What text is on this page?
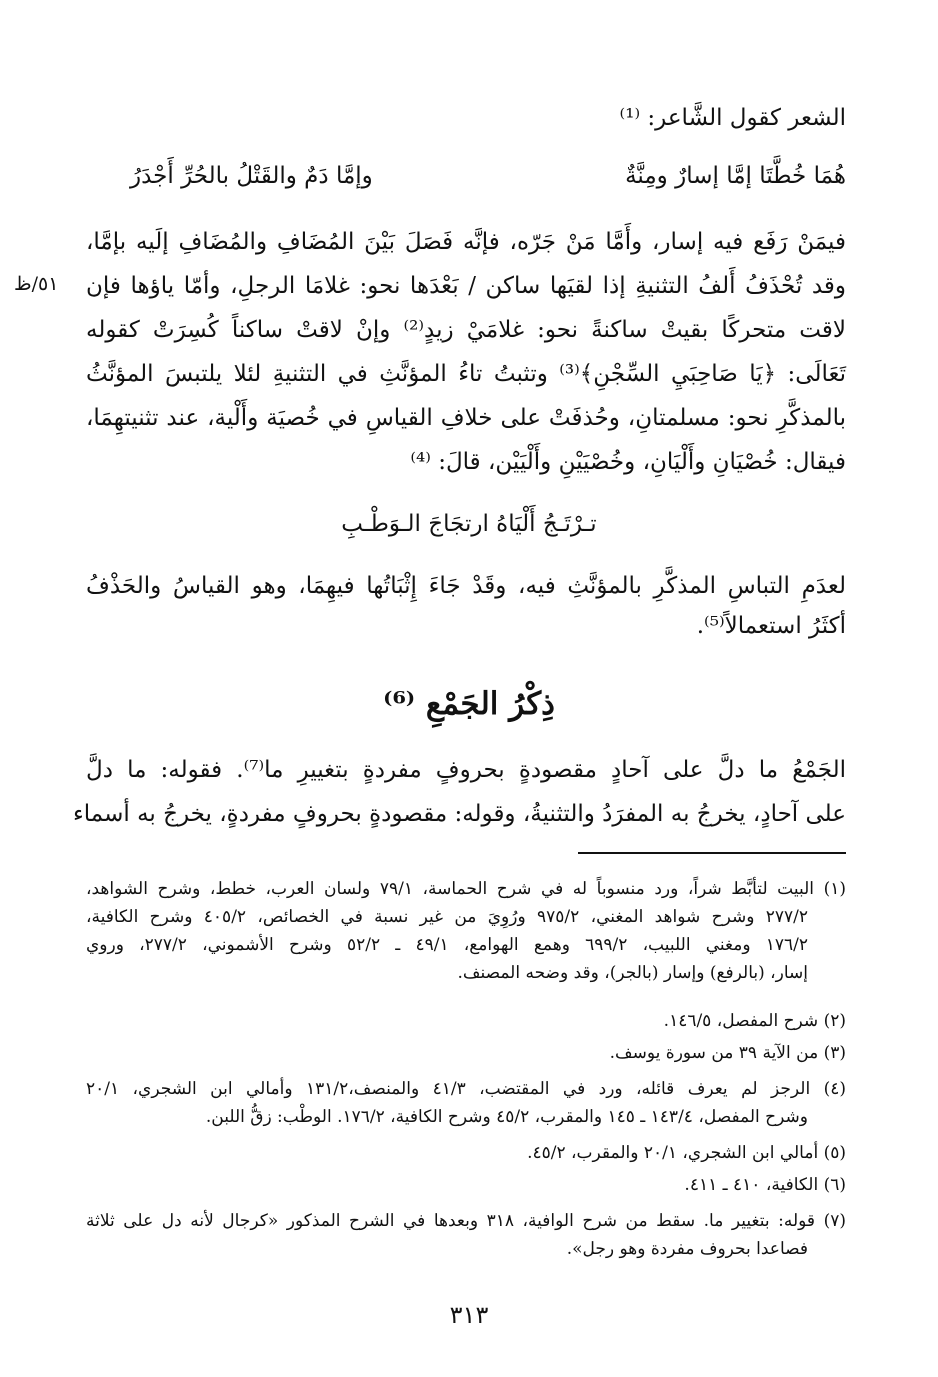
الشعر كقول الشَّاعر: ⁽¹⁾
هُمَا خُطَّتَا إمَّا إسارٌ ومِنَّةٌ
وإمَّا دَمٌ والقَتْلُ بالحُرِّ أَجْدَرُ
فيمَنْ رَفَع فيه إسار، وأَمَّا مَنْ جَرّه، فإنَّه فَصَلَ بَيْنَ المُضَافِ والمُضَافِ إلَيه بإمَّا،
وقد تُحْذَفُ أَلفُ التثنيةِ إذا لقيَها ساكن / بَعْدَها نحو: غلامَا الرجلِ، وأمّا ياؤها فإن
لاقت متحركًا بقيتْ ساكنةً نحو: غلامَيْ زيدٍ⁽²⁾ وإنْ لاقتْ ساكناً كُسِرَتْ كقوله
تَعَالَى: ﴿يَا صَاحِبَيِ السِّجْنِ﴾⁽³⁾ وتثبتُ تاءُ المؤنَّثِ في التثنيةِ لئلا يلتبسَ المؤنَّثُ
بالمذكَّرِ نحو: مسلمتانِ، وحُذفَتْ على خلافِ القياسِ في خُصيَة وأَلْية، عند تثنيتهِمَا،
فيقال: خُصْيَانِ وأَلْيَانِ، وخُصْيَيْنِ وأَلْيَيْن، قالَ: ⁽⁴⁾
٥١/ظ
تـرْتَـجُ أَلْيَاهُ ارتجَاجَ الـوَطْـبِ
لعدَمِ التباسِ المذكَّرِ بالمؤنَّثِ فيه، وقَدْ جَاءَ إِثْبَاتُها فيهِمَا، وهو القياسُ والحَذْفُ
أكثَرُ استعمالاً⁽⁵⁾.
ذِكْرُ الجَمْعِ ⁽⁶⁾
الجَمْعُ ما دلَّ على آحادٍ مقصودةٍ بحروفٍ مفردةٍ بتغييرِ ما⁽⁷⁾. فقوله: ما دلَّ
على آحادٍ، يخرجُ به المفرَدُ والتثنيةُ، وقوله: مقصودةٍ بحروفٍ مفردةٍ، يخرجُ به أسماء
(١) البيت لتأبَّط شراً، ورد منسوباً له في شرح الحماسة، ٧٩/١ ولسان العرب، خطط، وشرح الشواهد،
٢٧٧/٢ وشرح شواهد المغني، ٩٧٥/٢ ورُوِيَ من غير نسبة في الخصائص، ٤٠٥/٢ وشرح الكافية،
١٧٦/٢ ومغني اللبيب، ٦٩٩/٢ وهمع الهوامع، ٤٩/١ ـ ٥٢/٢ وشرح الأشموني، ٢٧٧/٢، وروي
إسار، (بالرفع) وإسار (بالجر)، وقد وضحه المصنف.
(٢) شرح المفصل، ١٤٦/٥.
(٣) من الآية ٣٩ من سورة يوسف.
(٤) الرجز لم يعرف قائله، ورد في المقتضب، ٤١/٣ والمنصف،١٣١/٢ وأمالي ابن الشجري، ٢٠/١
وشرح المفصل، ١٤٣/٤ ـ ١٤٥ والمقرب، ٤٥/٢ وشرح الكافية، ١٧٦/٢. الوطْب: زقُّ اللبن.
(٥) أمالي ابن الشجري، ٢٠/١ والمقرب، ٤٥/٢.
(٦) الكافية، ٤١٠ ـ ٤١١.
(٧) قوله: بتغيير ما. سقط من شرح الوافية، ٣١٨ وبعدها في الشرح المذكور «كرجال لأنه دل على ثلاثة
فصاعدا بحروف مفردة وهو رجل».
٣١٣
